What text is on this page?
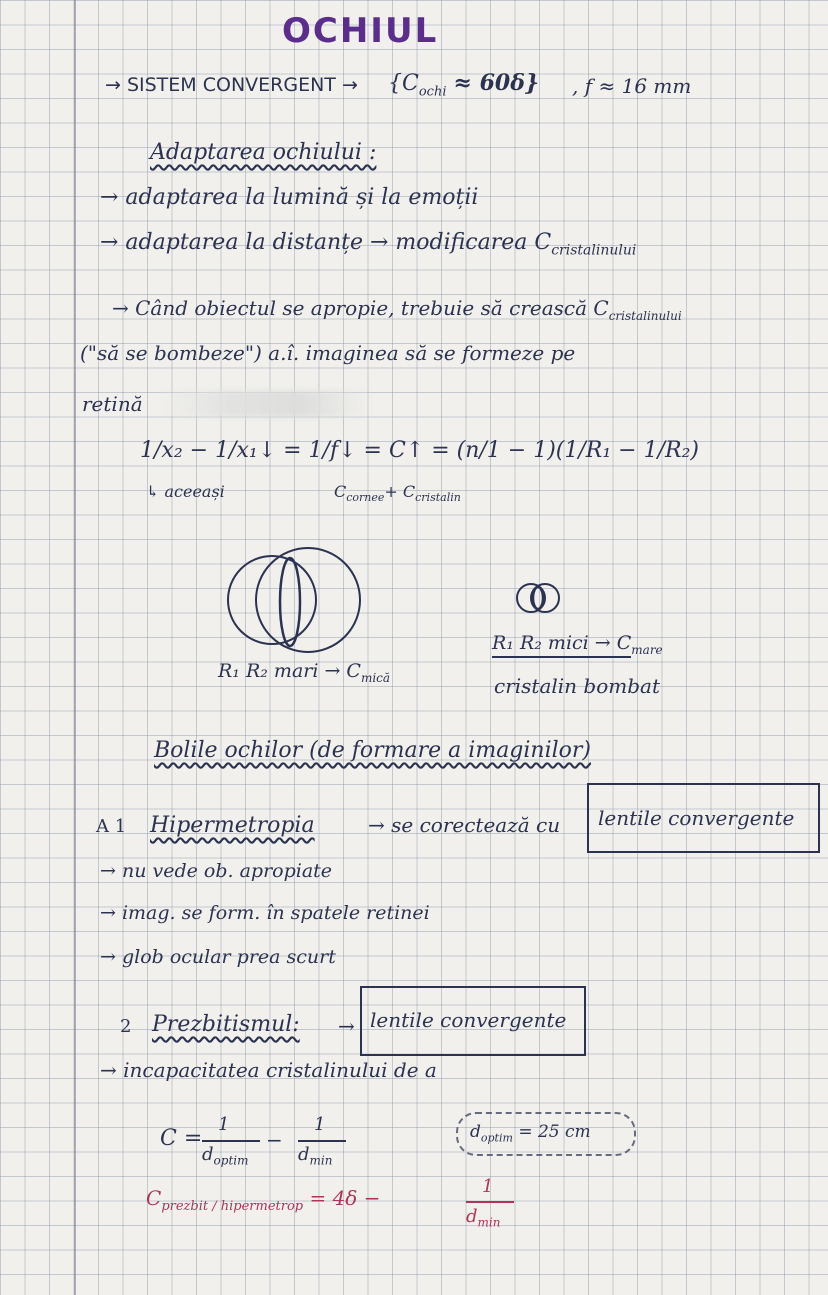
OCHIUL
→ SISTEM CONVERGENT → $\{C_{ochi} \approx 60\delta\}$ , f ≈ 16 mm
Adaptarea ochiului :
→ adaptarea la lumină și la emoții
→ adaptarea la distanțe → modificarea $C_{cristalinului}$
→ Când obiectul se apropie, trebuie să crească $C_{cristalinului}$
("să se bombeze") a.î. imaginea să se formeze pe
retină
1/x₂ − 1/x₁↓ = 1/f↓ = C↑ = (n/1 − 1)(1/R₁ − 1/R₂)
↳ aceeași	$C_{cornee}+ C_{cristalin}$
R₁ R₂ mari → $C_{mică}$
R₁ R₂ mici → $C_{mare}$
cristalin bombat
Bolile ochilor (de formare a imaginilor)
A 1 Hipermetropia	→ se corectează cu lentile convergente
→ nu vede ob. apropiate
→ imag. se form. în spatele retinei
→ glob ocular prea scurt
2 Prezbitismul: → lentile convergente
→ incapacitatea cristalinului de a
C =
1
$d_{optim}$
−
1
$d_{min}$
$d_{optim} = 25$ cm
$C_{prezbit / hipermetrop} = 4\delta$ −	1
$d_{min}$
